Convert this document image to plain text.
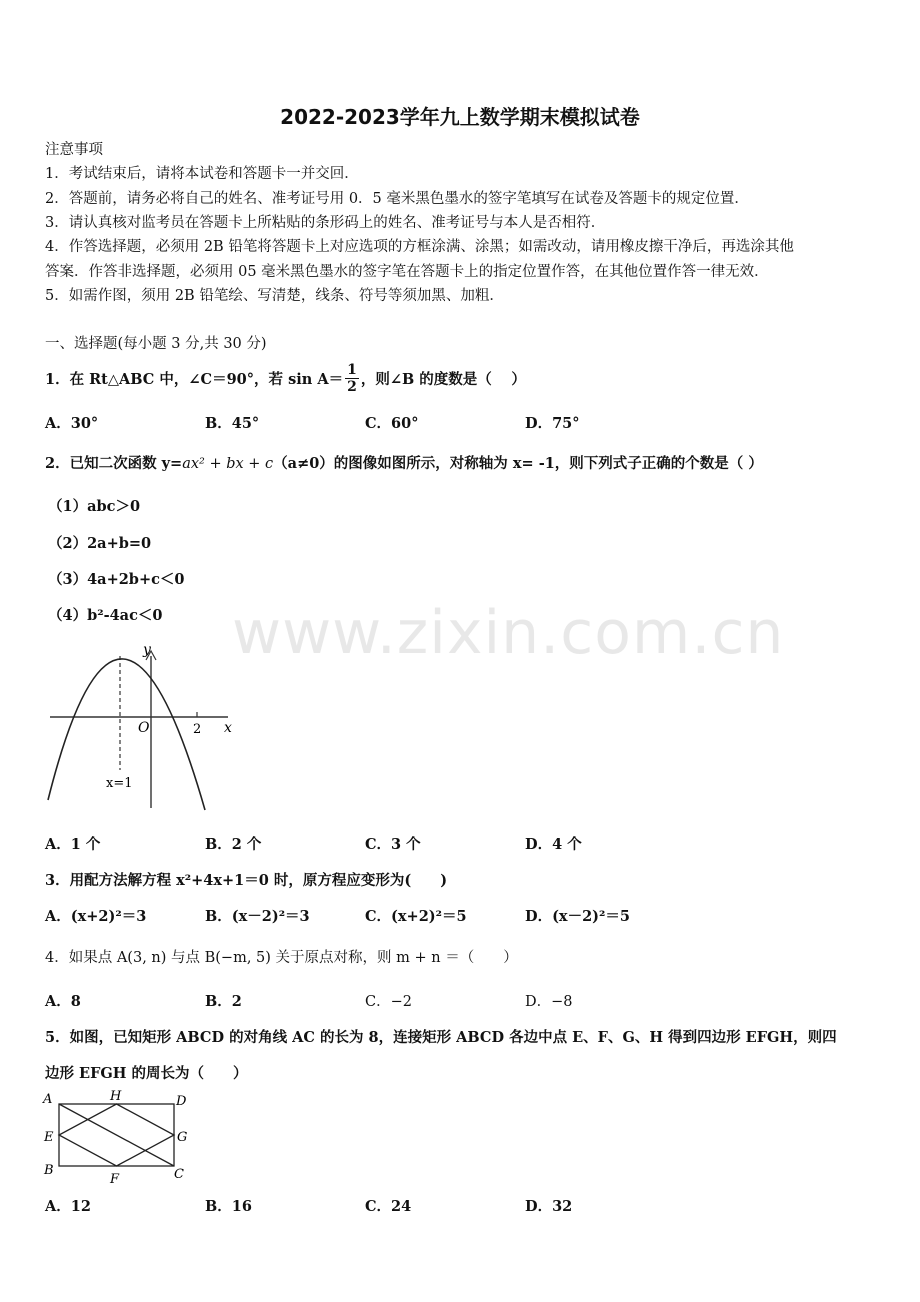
2022-2023学年九上数学期末模拟试卷
注意事项
1．考试结束后，请将本试卷和答题卡一并交回．
2．答题前，请务必将自己的姓名、准考证号用 0．5 毫米黑色墨水的签字笔填写在试卷及答题卡的规定位置．
3．请认真核对监考员在答题卡上所粘贴的条形码上的姓名、准考证号与本人是否相符．
4．作答选择题，必须用 2B 铅笔将答题卡上对应选项的方框涂满、涂黑；如需改动，请用橡皮擦干净后，再选涂其他
答案．作答非选择题，必须用 05 毫米黑色墨水的签字笔在答题卡上的指定位置作答，在其他位置作答一律无效．
5．如需作图，须用 2B 铅笔绘、写清楚，线条、符号等须加黑、加粗．
一、选择题(每小题 3 分,共 30 分)
1．在 Rt△ABC 中，∠C＝90°，若 $\sin A= \frac{1}{2}$ ，则∠B 的度数是（　 ）
A．30°	B．45°	C．60°	D．75°
2．已知二次函数 y=ax² + bx + c（a≠0）的图像如图所示，对称轴为 x= -1，则下列式子正确的个数是（ ）
（1）abc＞0
（2）2a+b=0
（3）4a+2b+c＜0
（4）b²-4ac＜0 www.zixin.com.cn
y
x
O	2
x=1
A．1 个	B．2 个	C．3 个	D．4 个
3．用配方法解方程 x²+4x+1＝0 时，原方程应变形为(　　)
A．(x+2)²＝3	B．(x－2)²＝3	C．(x+2)²＝5	D．(x－2)²＝5
4．如果点 A(3, n) 与点 B(−m, 5) 关于原点对称，则 m + n ＝（　　）
A．8	B．2	C．−2	D．−8
5．如图，已知矩形 ABCD 的对角线 AC 的长为 8，连接矩形 ABCD 各边中点 E、F、G、H 得到四边形 EFGH，则四
边形 EFGH 的周长为（　　）
A	H	D
E	G
B
F	C
A．12	B．16	C．24	D．32
